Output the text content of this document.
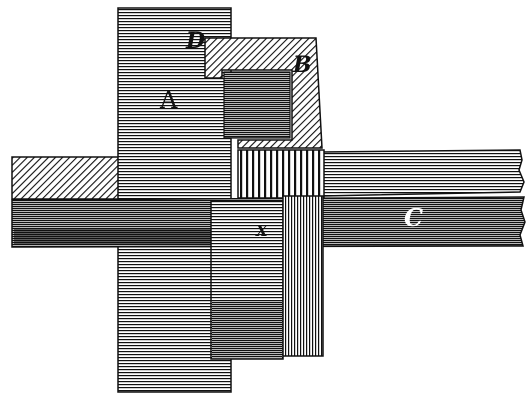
A
B
C
D
X
